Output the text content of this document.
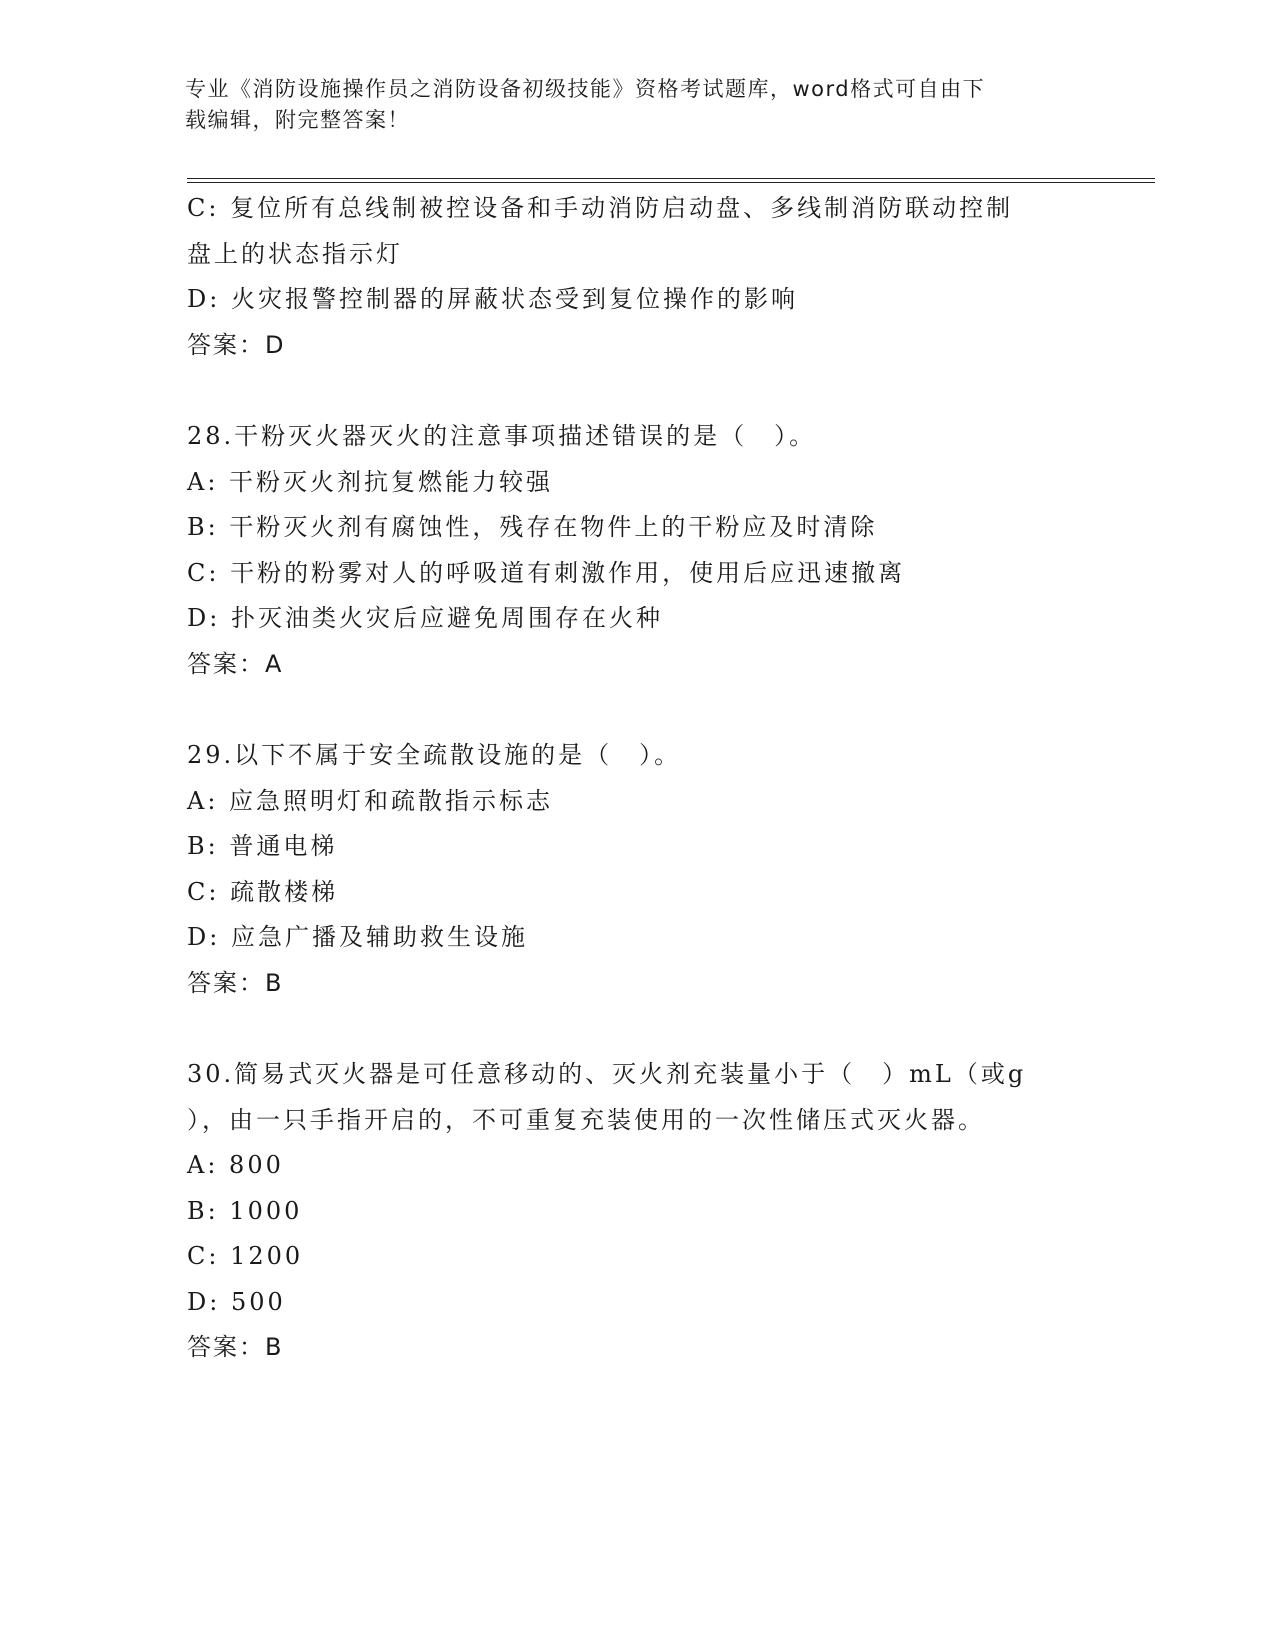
专业《消防设施操作员之消防设备初级技能》资格考试题库，word格式可自由下
载编辑，附完整答案！
C: 复位所有总线制被控设备和手动消防启动盘、多线制消防联动控制
盘上的状态指示灯
D: 火灾报警控制器的屏蔽状态受到复位操作的影响
答案：D
28.干粉灭火器灭火的注意事项描述错误的是（　）。
A: 干粉灭火剂抗复燃能力较强
B: 干粉灭火剂有腐蚀性，残存在物件上的干粉应及时清除
C: 干粉的粉雾对人的呼吸道有刺激作用，使用后应迅速撤离
D: 扑灭油类火灾后应避免周围存在火种
答案：A
29.以下不属于安全疏散设施的是（　）。
A: 应急照明灯和疏散指示标志
B: 普通电梯
C: 疏散楼梯
D: 应急广播及辅助救生设施
答案：B
30.简易式灭火器是可任意移动的、灭火剂充装量小于（　）mL（或g
），由一只手指开启的，不可重复充装使用的一次性储压式灭火器。
A: 800
B: 1000
C: 1200
D: 500
答案：B
